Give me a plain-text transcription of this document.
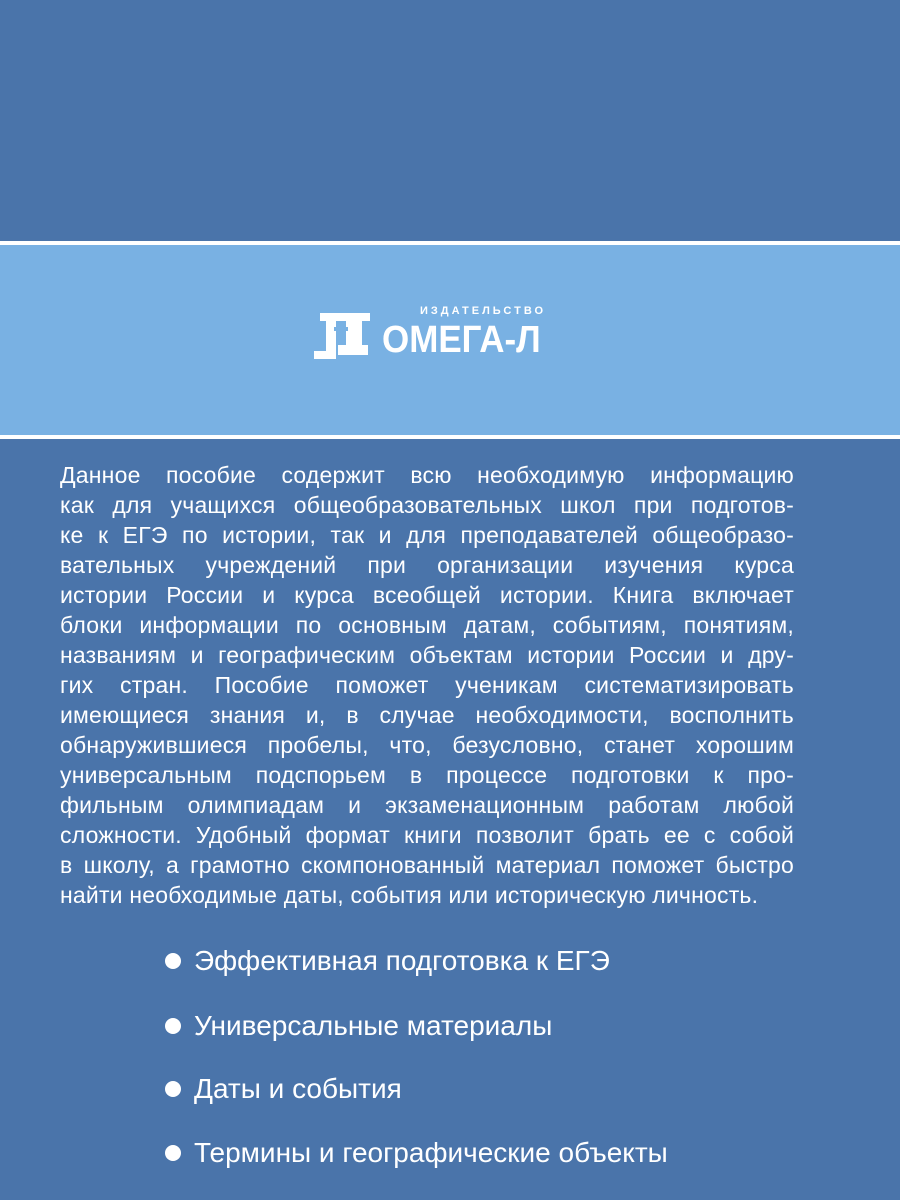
ИЗДАТЕЛЬСТВО
ОМЕГА-Л
Данное пособие содержит всю необходимую информацию
как для учащихся общеобразовательных школ при подготов-
ке к ЕГЭ по истории, так и для преподавателей общеобразо-
вательных учреждений при организации изучения курса
истории России и курса всеобщей истории. Книга включает
блоки информации по основным датам, событиям, понятиям,
названиям и географическим объектам истории России и дру-
гих стран. Пособие поможет ученикам систематизировать
имеющиеся знания и, в случае необходимости, восполнить
обнаружившиеся пробелы, что, безусловно, станет хорошим
универсальным подспорьем в процессе подготовки к про-
фильным олимпиадам и экзаменационным работам любой
сложности. Удобный формат книги позволит брать ее с собой
в школу, а грамотно скомпонованный материал поможет быстро
найти необходимые даты, события или историческую личность.
Эффективная подготовка к ЕГЭ
Универсальные материалы
Даты и события
Термины и географические объекты
